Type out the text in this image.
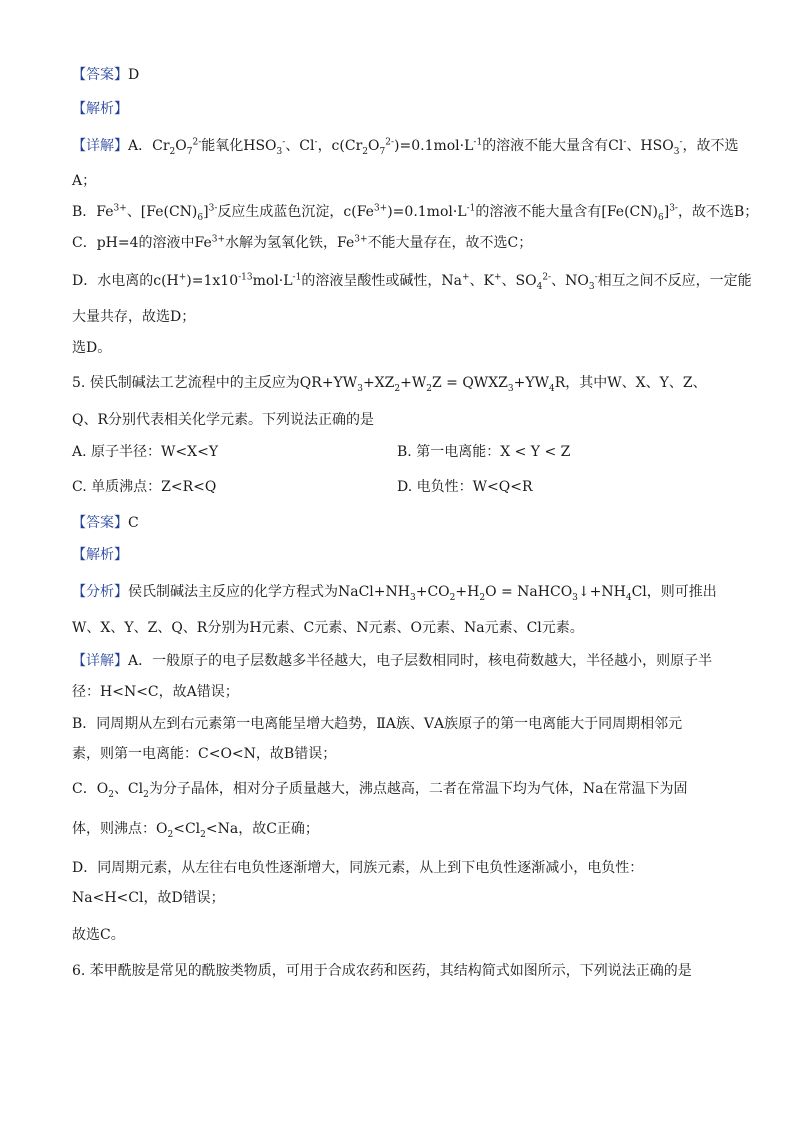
【答案】D
【解析】
【详解】A．$Cr_2O_7^{2-}$能氧化$HSO_3^-$、Cl-，$c(Cr_2O_7^{2-})=0.1mol\cdot L^{-1}$的溶液不能大量含有Cl-、$HSO_3^-$，故不选
A；
B．$Fe^{3+}$、$[Fe(CN)_6]^{3-}$反应生成蓝色沉淀，$c(Fe^{3+})=0.1mol\cdot L^{-1}$的溶液不能大量含有$[Fe(CN)_6]^{3-}$，故不选B；
C．pH=4的溶液中$Fe^{3+}$水解为氢氧化铁，$Fe^{3+}$不能大量存在，故不选C；
D．水电离的$c(H^+)=1x10^{-13}mol\cdot L^{-1}$的溶液呈酸性或碱性，Na+、K+、$SO_4^{2-}$、$NO_3^-$相互之间不反应，一定能
大量共存，故选D；
选D。
5. 侯氏制碱法工艺流程中的主反应为$QR+YW_3+XZ_2+W_2Z$ = $QWXZ_3+YW_4R$，其中W、X、Y、Z、
Q、R分别代表相关化学元素。下列说法正确的是
A. 原子半径：W<X<Y	B. 第一电离能：X < Y < Z
C. 单质沸点：Z<R<Q	D. 电负性：W<Q<R
【答案】C
【解析】
【分析】侯氏制碱法主反应的化学方程式为$NaCl+NH_3+CO_2+H_2O$ = $NaHCO_3↓+NH_4Cl$，则可推出
W、X、Y、Z、Q、R分别为H元素、C元素、N元素、O元素、Na元素、Cl元素。
【详解】A．一般原子的电子层数越多半径越大，电子层数相同时，核电荷数越大，半径越小，则原子半
径：H<N<C，故A错误；
B．同周期从左到右元素第一电离能呈增大趋势，ⅡA族、ⅤA族原子的第一电离能大于同周期相邻元
素，则第一电离能：C<O<N，故B错误；
C．$O_2$、$Cl_2$为分子晶体，相对分子质量越大，沸点越高，二者在常温下均为气体，Na在常温下为固
体，则沸点：$O_2<Cl_2<Na$，故C正确；
D．同周期元素，从左往右电负性逐渐增大，同族元素，从上到下电负性逐渐减小，电负性：
Na<H<Cl，故D错误；
故选C。
6. 苯甲酰胺是常见的酰胺类物质，可用于合成农药和医药，其结构简式如图所示，下列说法正确的是
